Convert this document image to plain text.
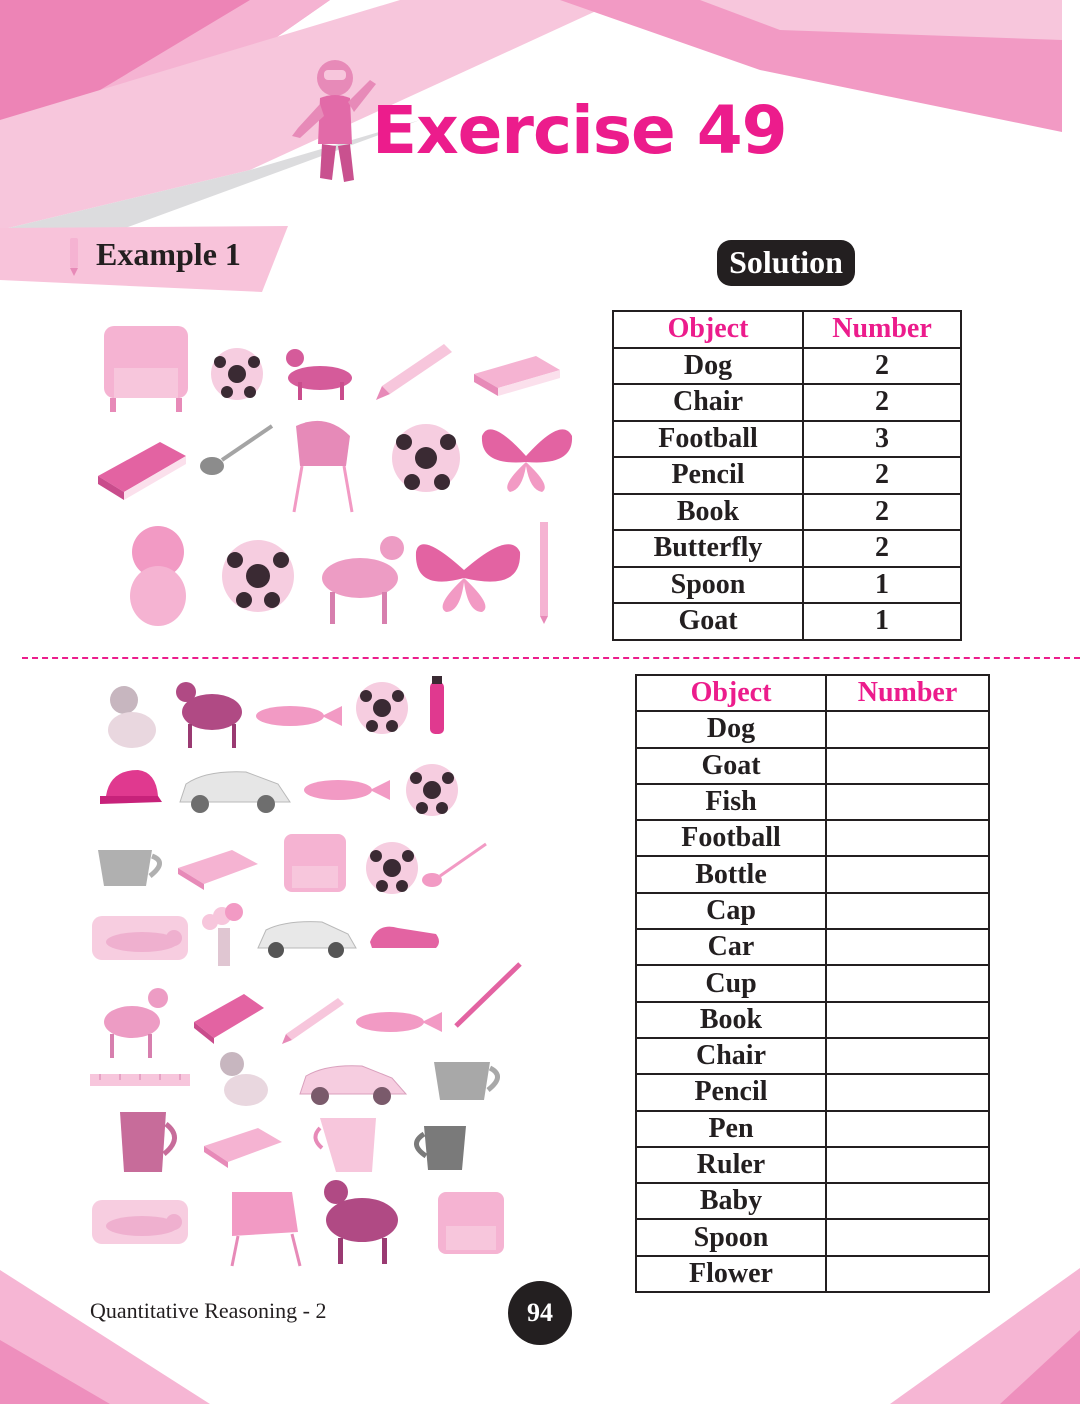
Exercise 49
Example 1	Solution
Object	Number
Dog	2
Chair	2
Football	3
Pencil	2
Book	2
Butterfly	2
Spoon	1
Goat	1
Object	Number
Dog	
Goat	
Fish	
Football	
Bottle	
Cap	
Car	
Cup	
Book	
Chair	
Pencil	
Pen	
Ruler	
Baby	
Spoon	
Flower	
Quantitative Reasoning - 2	94
